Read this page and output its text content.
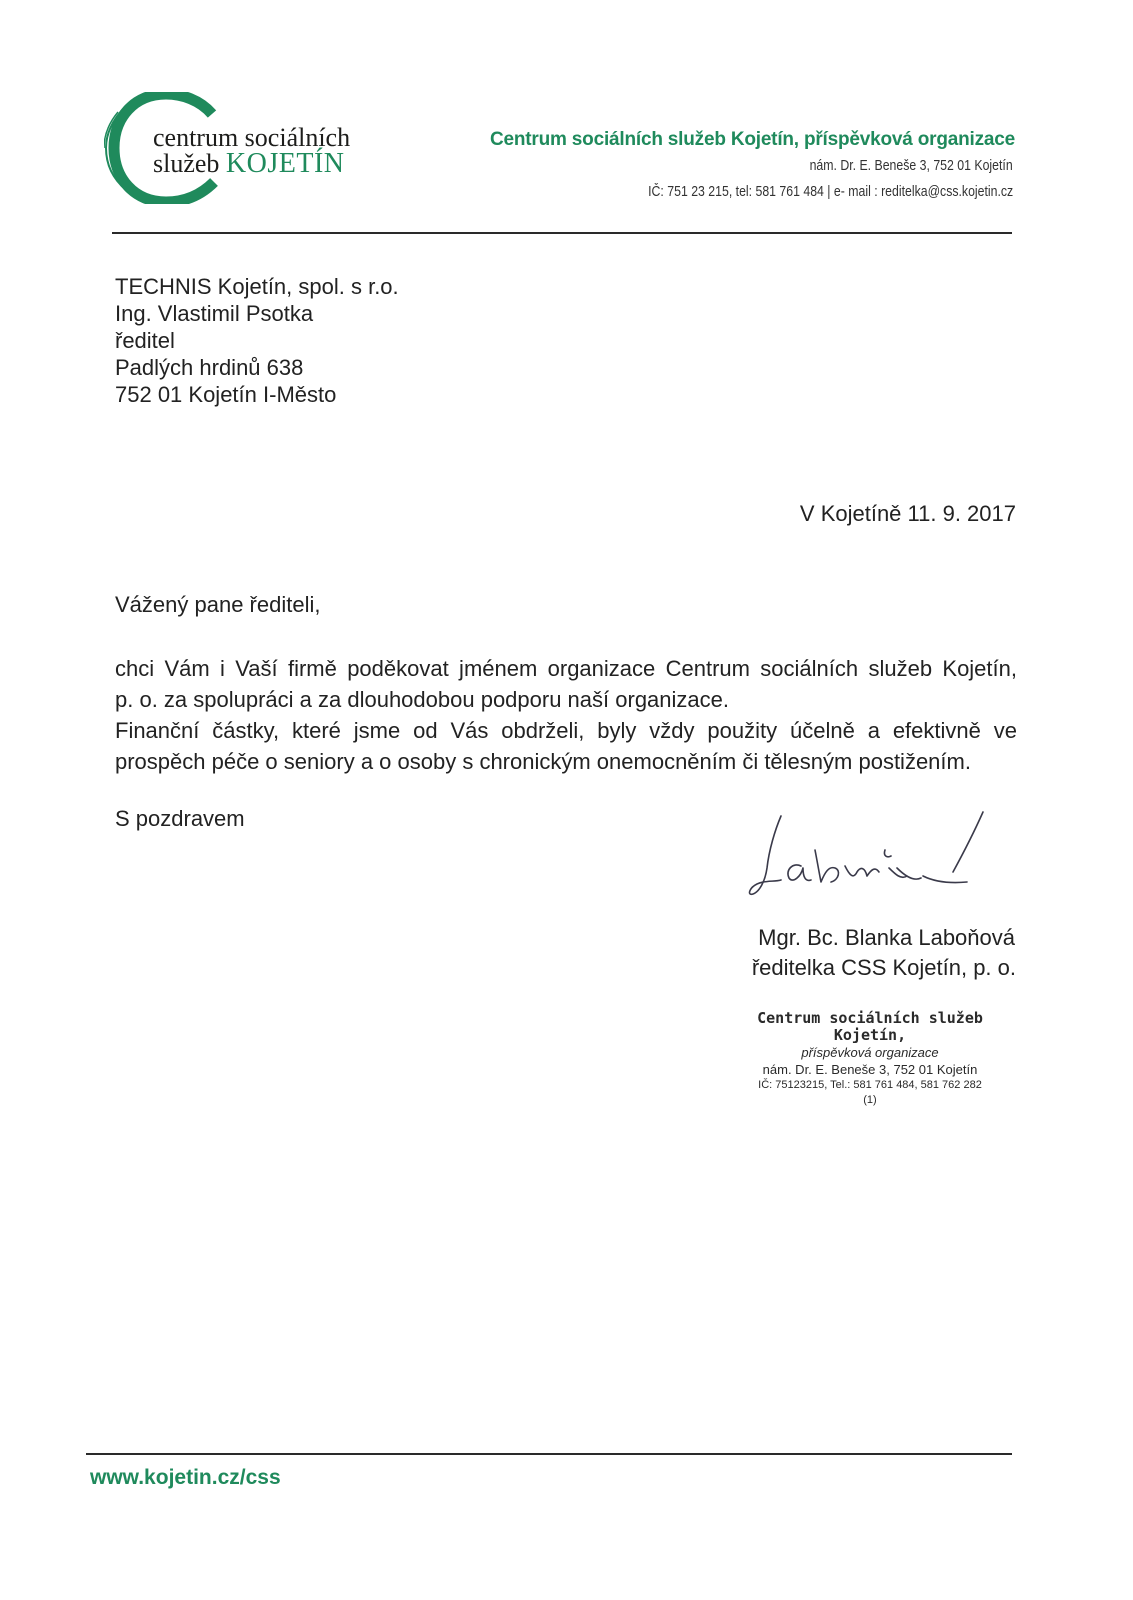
centrum sociálních
služeb KOJETÍN
Centrum sociálních služeb Kojetín, příspěvková organizace
nám. Dr. E. Beneše 3, 752 01 Kojetín
IČ: 751 23 215, tel: 581 761 484 | e- mail : reditelka@css.kojetin.cz
TECHNIS Kojetín, spol. s r.o.
Ing. Vlastimil Psotka
ředitel
Padlých hrdinů 638
752 01 Kojetín I-Město
V Kojetíně 11. 9. 2017
Vážený pane řediteli,
chci Vám i Vaší firmě poděkovat jménem organizace Centrum sociálních služeb Kojetín,
p. o. za spolupráci a za dlouhodobou podporu naší organizace.
Finanční částky, které jsme od Vás obdrželi, byly vždy použity účelně a efektivně ve
prospěch péče o seniory a o osoby s chronickým onemocněním či tělesným postižením.
S pozdravem
Mgr. Bc. Blanka Laboňová
ředitelka CSS Kojetín, p. o.
Centrum sociálních služeb
Kojetín,
příspěvková organizace
nám. Dr. E. Beneše 3, 752 01 Kojetín
IČ: 75123215, Tel.: 581 761 484, 581 762 282
(1)
www.kojetin.cz/css
